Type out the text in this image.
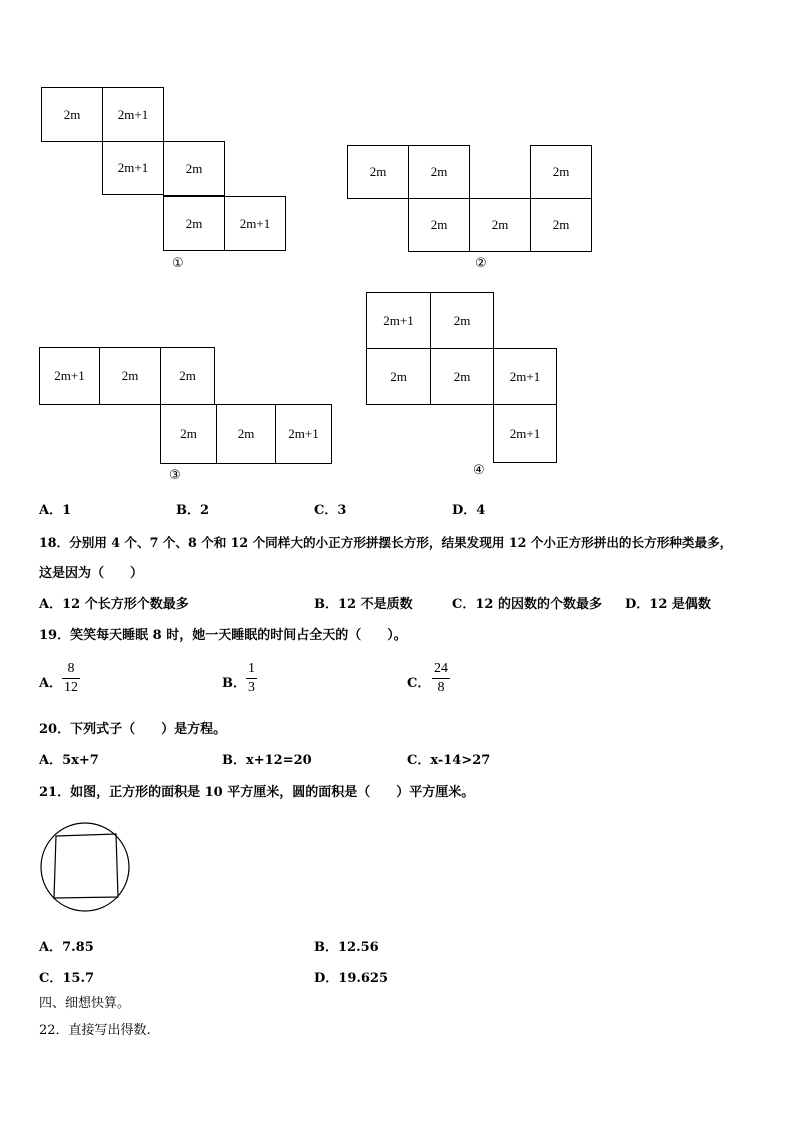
2m	2m+1
2m+1	2m
2m	2m+1
①
2m	2m	2m
2m	2m	2m
②
2m+1	2m	2m
2m	2m	2m+1
③
2m+1	2m
2m	2m	2m+1
2m+1
④
A．1	B．2	C．3	D．4
18．分别用 4 个、7 个、8 个和 12 个同样大的小正方形拼摆长方形，结果发现用 12 个小正方形拼出的长方形种类最多，
这是因为（　　）
A．12 个长方形个数最多	B．12 不是质数	C．12 的因数的个数最多 D．12 是偶数
19．笑笑每天睡眠 8 时，她一天睡眠的时间占全天的（　　）。
A．
8
12	B．
1
3	C．
24
8
20．下列式子（　　）是方程。
A．5x+7	B．x+12=20	C．x-14>27
21．如图，正方形的面积是 10 平方厘米，圆的面积是（　　）平方厘米。
A．7.85	B．12.56
C．15.7	D．19.625
四、细想快算。
22．直接写出得数.
